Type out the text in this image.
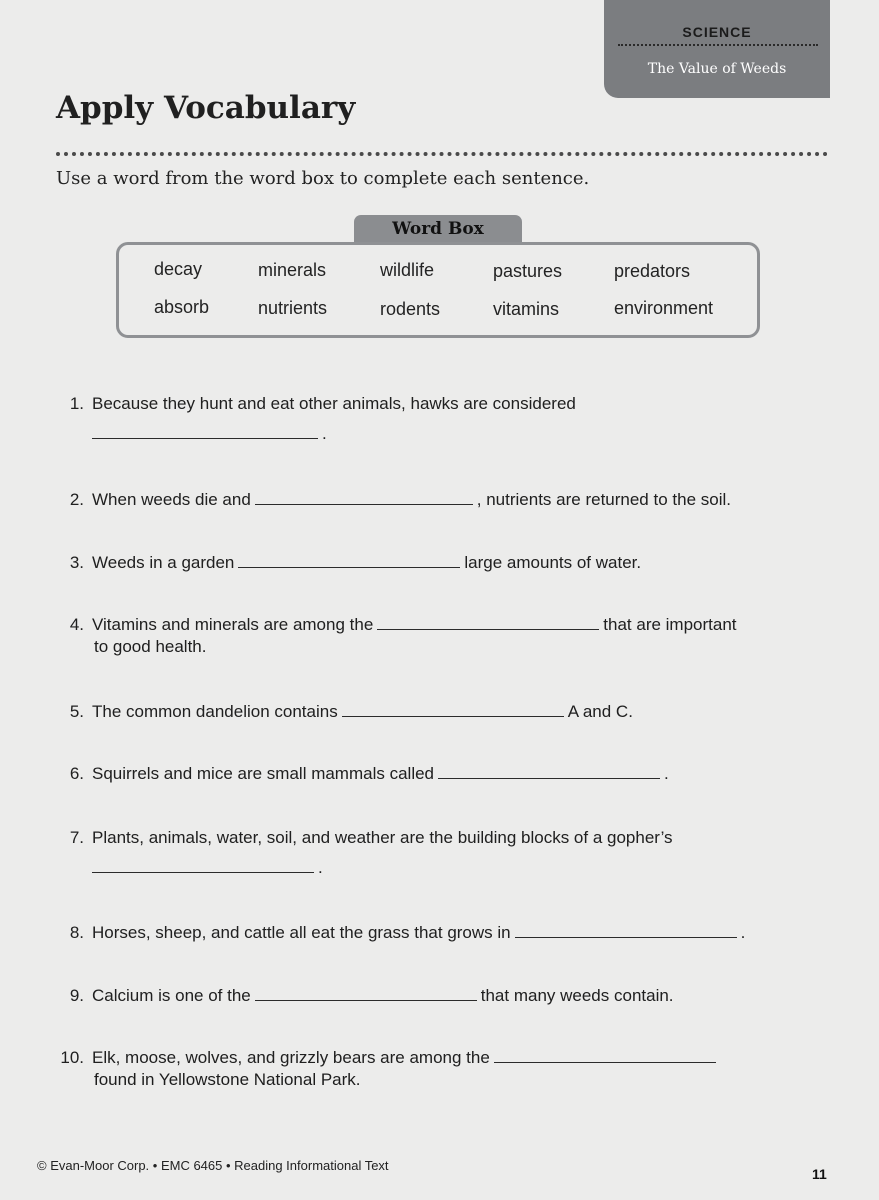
SCIENCE
The Value of Weeds
Apply Vocabulary
Use a word from the word box to complete each sentence.
Word Box
decay	minerals	wildlife	pastures	predators
absorb	nutrients	rodents	vitamins	environment
1. Because they hunt and eat other animals, hawks are considered
.
2. When weeds die and	, nutrients are returned to the soil.
3. Weeds in a garden	large amounts of water.
4. Vitamins and minerals are among the	that are important
to good health.
5. The common dandelion contains	A and C.
6. Squirrels and mice are small mammals called	.
7. Plants, animals, water, soil, and weather are the building blocks of a gopher’s
.
8. Horses, sheep, and cattle all eat the grass that grows in	.
9. Calcium is one of the	that many weeds contain.
10. Elk, moose, wolves, and grizzly bears are among the
found in Yellowstone National Park.
© Evan-Moor Corp. • EMC 6465 • Reading Informational Text
11
